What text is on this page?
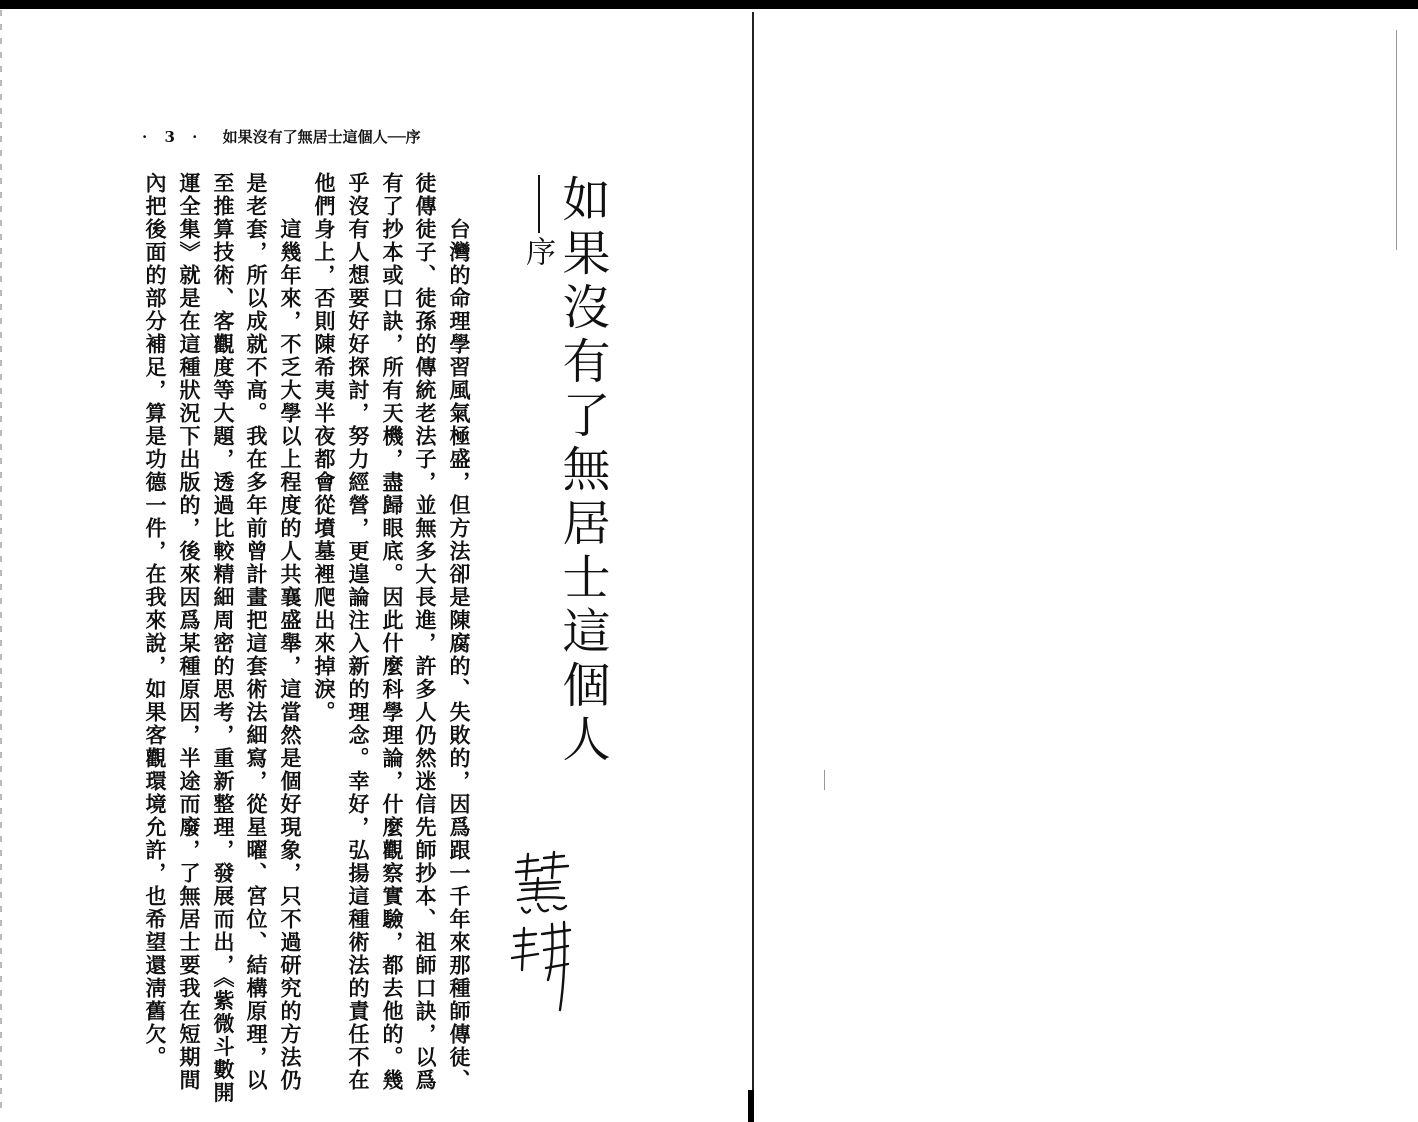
· 3 · 如果沒有了無居士這個人──序
如果沒有了無居士這個人
序
台灣的命理學習風氣極盛，但方法卻是陳腐的、失敗的，因爲跟一千年來那種師傳徒、
徒傳徒子、徒孫的傳統老法子，並無多大長進，許多人仍然迷信先師抄本、祖師口訣，以爲
有了抄本或口訣，所有天機，盡歸眼底。因此什麼科學理論，什麼觀察實驗，都去他的。幾
乎沒有人想要好好探討，努力經營，更遑論注入新的理念。幸好，弘揚這種術法的責任不在
他們身上，否則陳希夷半夜都會從墳墓裡爬出來掉淚。
這幾年來，不乏大學以上程度的人共襄盛舉，這當然是個好現象，只不過研究的方法仍
是老套，所以成就不高。我在多年前曾計畫把這套術法細寫，從星曜、宮位、結構原理，以
至推算技術、客觀度等大題，透過比較精細周密的思考，重新整理，發展而出，《紫微斗數開
運全集》就是在這種狀況下出版的，後來因爲某種原因，半途而廢，了無居士要我在短期間
內把後面的部分補足，算是功德一件，在我來說，如果客觀環境允許，也希望還淸舊欠。
